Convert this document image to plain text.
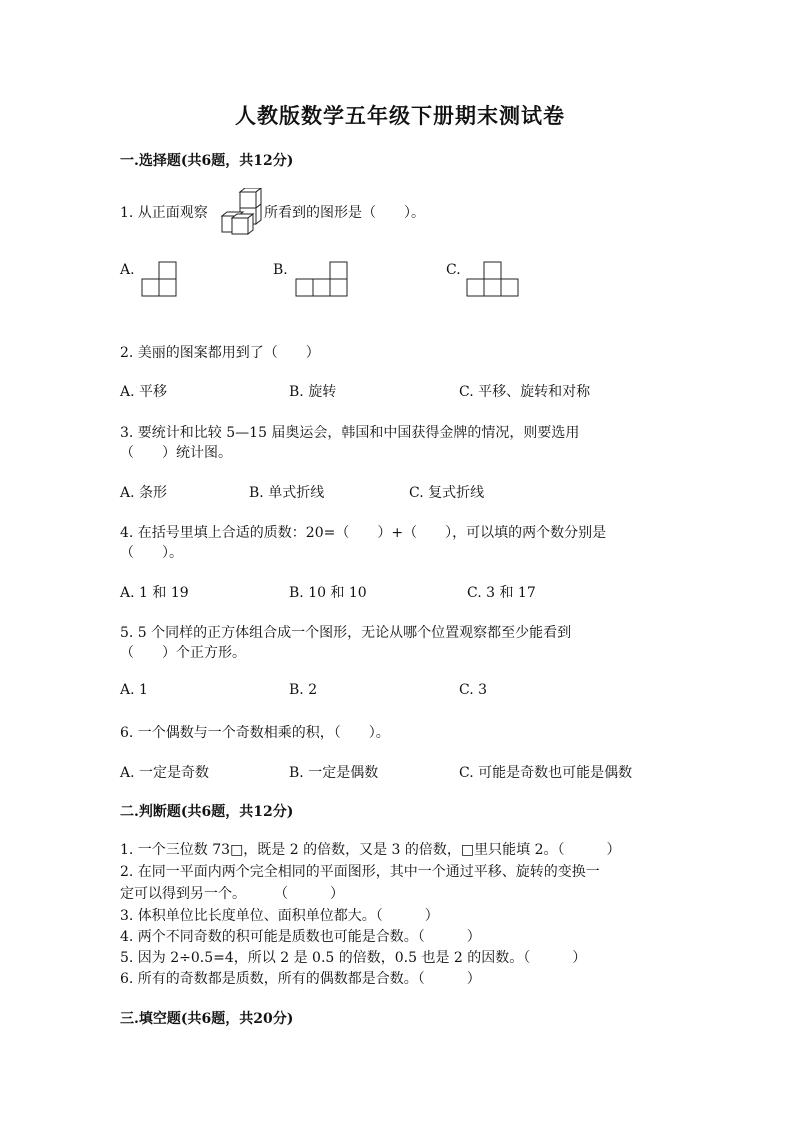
人教版数学五年级下册期末测试卷
一.选择题(共6题，共12分)
1. 从正面观察	所看到的图形是（　　）。
A.	B.	C.
2. 美丽的图案都用到了（　　）
A. 平移	B. 旋转	C. 平移、旋转和对称
3. 要统计和比较 5—15 届奥运会，韩国和中国获得金牌的情况，则要选用
（　　）统计图。
A. 条形	B. 单式折线	C. 复式折线
4. 在括号里填上合适的质数：20=（　　）+（　　），可以填的两个数分别是
（　　）。
A. 1 和 19	B. 10 和 10	C. 3 和 17
5. 5 个同样的正方体组合成一个图形，无论从哪个位置观察都至少能看到
（　　）个正方形。
A. 1	B. 2	C. 3
6. 一个偶数与一个奇数相乘的积，（　　）。
A. 一定是奇数	B. 一定是偶数	C. 可能是奇数也可能是偶数
二.判断题(共6题，共12分)
1. 一个三位数 73□，既是 2 的倍数，又是 3 的倍数，□里只能填 2。（　　　）
2. 在同一平面内两个完全相同的平面图形，其中一个通过平移、旋转的变换一
定可以得到另一个。　　　（　　　）
3. 体积单位比长度单位、面积单位都大。（　　　）
4. 两个不同奇数的积可能是质数也可能是合数。（　　　）
5. 因为 2÷0.5=4，所以 2 是 0.5 的倍数，0.5 也是 2 的因数。（　　　）
6. 所有的奇数都是质数，所有的偶数都是合数。（　　　）
三.填空题(共6题，共20分)
